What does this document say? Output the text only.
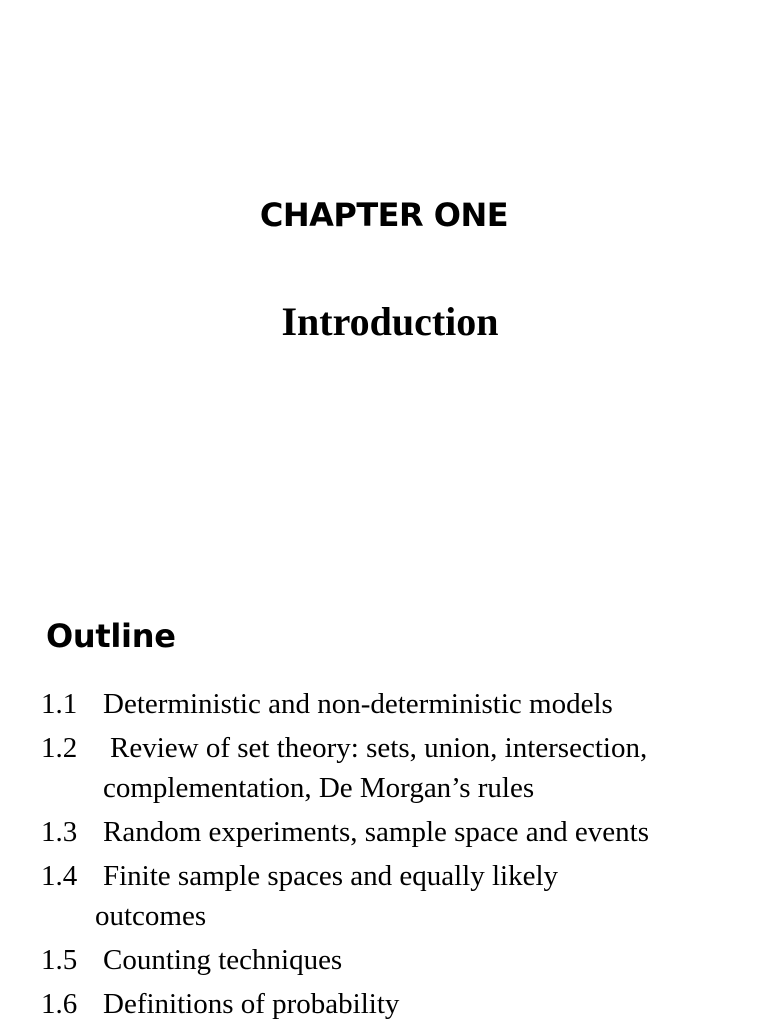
CHAPTER ONE
Introduction
Outline
1.1 Deterministic and non-deterministic models
1.2 Review of set theory: sets, union, intersection,
complementation, De Morgan’s rules
1.3 Random experiments, sample space and events
1.4 Finite sample spaces and equally likely
outcomes
1.5 Counting techniques
1.6 Definitions of probability
